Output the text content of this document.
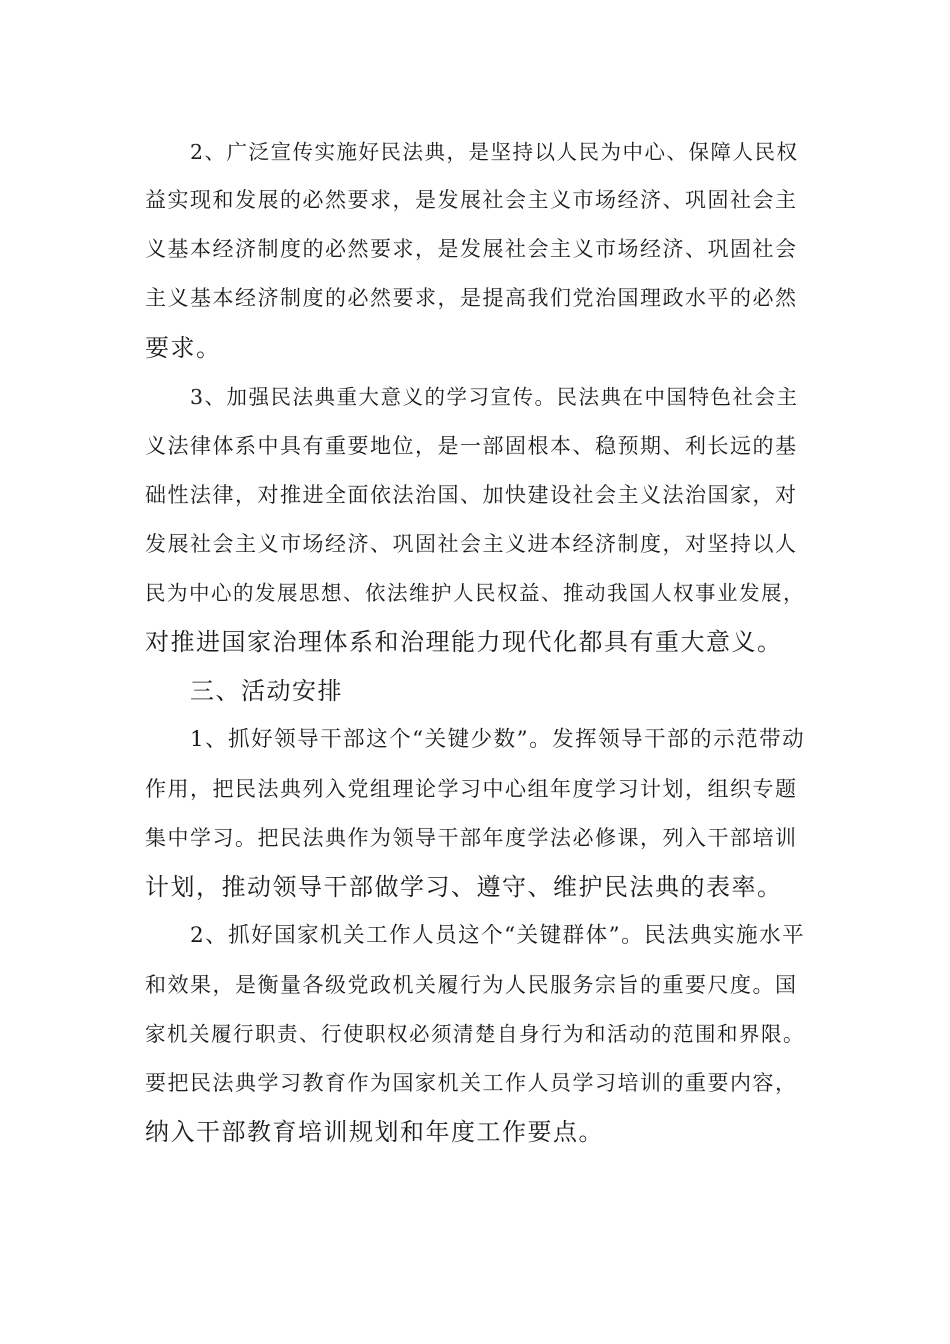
2、广泛宣传实施好民法典，是坚持以人民为中心、保障人民权
益实现和发展的必然要求，是发展社会主义市场经济、巩固社会主
义基本经济制度的必然要求，是发展社会主义市场经济、巩固社会
主义基本经济制度的必然要求，是提高我们党治国理政水平的必然
要求。
3、加强民法典重大意义的学习宣传。民法典在中国特色社会主
义法律体系中具有重要地位，是一部固根本、稳预期、利长远的基
础性法律，对推进全面依法治国、加快建设社会主义法治国家，对
发展社会主义市场经济、巩固社会主义进本经济制度，对坚持以人
民为中心的发展思想、依法维护人民权益、推动我国人权事业发展，
对推进国家治理体系和治理能力现代化都具有重大意义。
三、活动安排
1、抓好领导干部这个“关键少数”。发挥领导干部的示范带动
作用，把民法典列入党组理论学习中心组年度学习计划，组织专题
集中学习。把民法典作为领导干部年度学法必修课，列入干部培训
计划，推动领导干部做学习、遵守、维护民法典的表率。
2、抓好国家机关工作人员这个“关键群体”。民法典实施水平
和效果，是衡量各级党政机关履行为人民服务宗旨的重要尺度。国
家机关履行职责、行使职权必须清楚自身行为和活动的范围和界限。
要把民法典学习教育作为国家机关工作人员学习培训的重要内容，
纳入干部教育培训规划和年度工作要点。
